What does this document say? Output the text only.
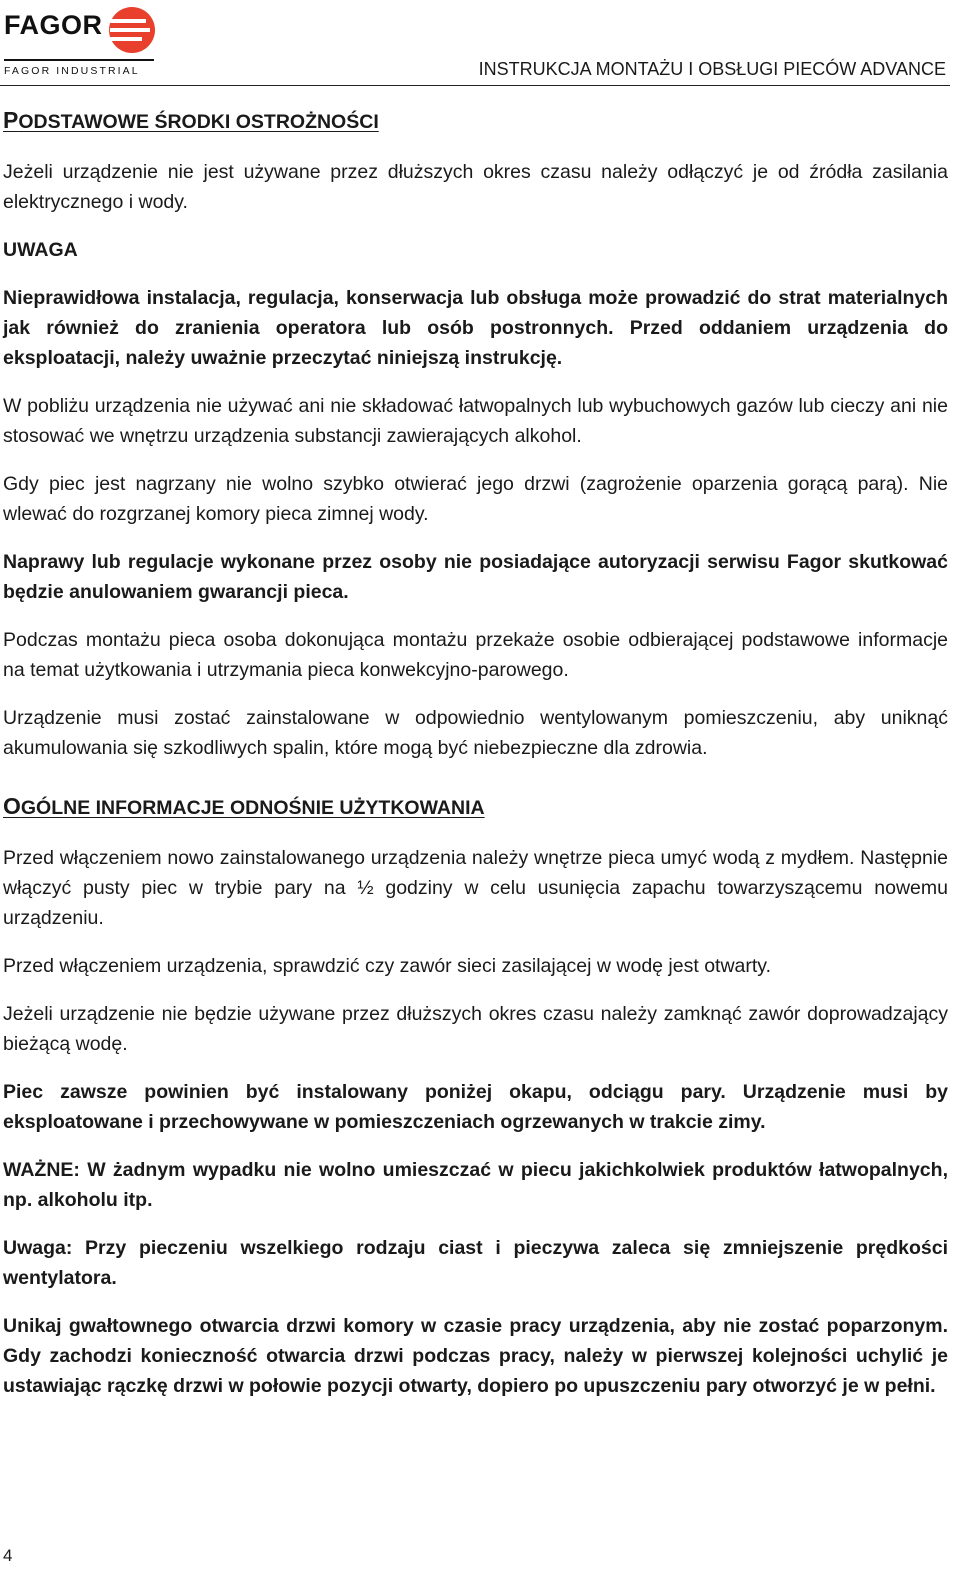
FAGOR
FAGOR INDUSTRIAL	INSTRUKCJA MONTAŻU I OBSŁUGI PIECÓW ADVANCE
PODSTAWOWE ŚRODKI OSTROŻNOŚCI

Jeżeli urządzenie nie jest używane przez dłuższych okres czasu należy odłączyć je od źródła zasilania elektrycznego i wody.

UWAGA

Nieprawidłowa instalacja, regulacja, konserwacja lub obsługa może prowadzić do strat materialnych jak również do zranienia operatora lub osób postronnych. Przed oddaniem urządzenia do eksploatacji, należy uważnie przeczytać niniejszą instrukcję.

W pobliżu urządzenia nie używać ani nie składować łatwopalnych lub wybuchowych gazów lub cieczy ani nie stosować we wnętrzu urządzenia substancji zawierających alkohol.

Gdy piec jest nagrzany nie wolno szybko otwierać jego drzwi (zagrożenie oparzenia gorącą parą). Nie wlewać do rozgrzanej komory pieca zimnej wody.

Naprawy lub regulacje wykonane przez osoby nie posiadające autoryzacji serwisu Fagor skutkować będzie anulowaniem gwarancji pieca.

Podczas montażu pieca osoba dokonująca montażu przekaże osobie odbierającej podstawowe informacje na temat użytkowania i utrzymania pieca konwekcyjno-parowego.

Urządzenie musi zostać zainstalowane w odpowiednio wentylowanym pomieszczeniu, aby uniknąć akumulowania się szkodliwych spalin, które mogą być niebezpieczne dla zdrowia.

OGÓLNE INFORMACJE ODNOŚNIE UŻYTKOWANIA

Przed włączeniem nowo zainstalowanego urządzenia należy wnętrze pieca umyć wodą z mydłem. Następnie włączyć pusty piec w trybie pary na ½ godziny w celu usunięcia zapachu towarzyszącemu nowemu urządzeniu.

Przed włączeniem urządzenia, sprawdzić czy zawór sieci zasilającej w wodę jest otwarty.

Jeżeli urządzenie nie będzie używane przez dłuższych okres czasu należy zamknąć zawór doprowadzający bieżącą wodę.

Piec zawsze powinien być instalowany poniżej okapu, odciągu pary. Urządzenie musi by eksploatowane i przechowywane w pomieszczeniach ogrzewanych w trakcie zimy.

WAŻNE: W żadnym wypadku nie wolno umieszczać w piecu jakichkolwiek produktów łatwopalnych, np. alkoholu itp.

Uwaga: Przy pieczeniu wszelkiego rodzaju ciast i pieczywa zaleca się zmniejszenie prędkości wentylatora.

Unikaj gwałtownego otwarcia drzwi komory w czasie pracy urządzenia, aby nie zostać poparzonym. Gdy zachodzi konieczność otwarcia drzwi podczas pracy, należy w pierwszej kolejności uchylić je ustawiając rączkę drzwi w połowie pozycji otwarty, dopiero po upuszczeniu pary otworzyć je w pełni.

4
